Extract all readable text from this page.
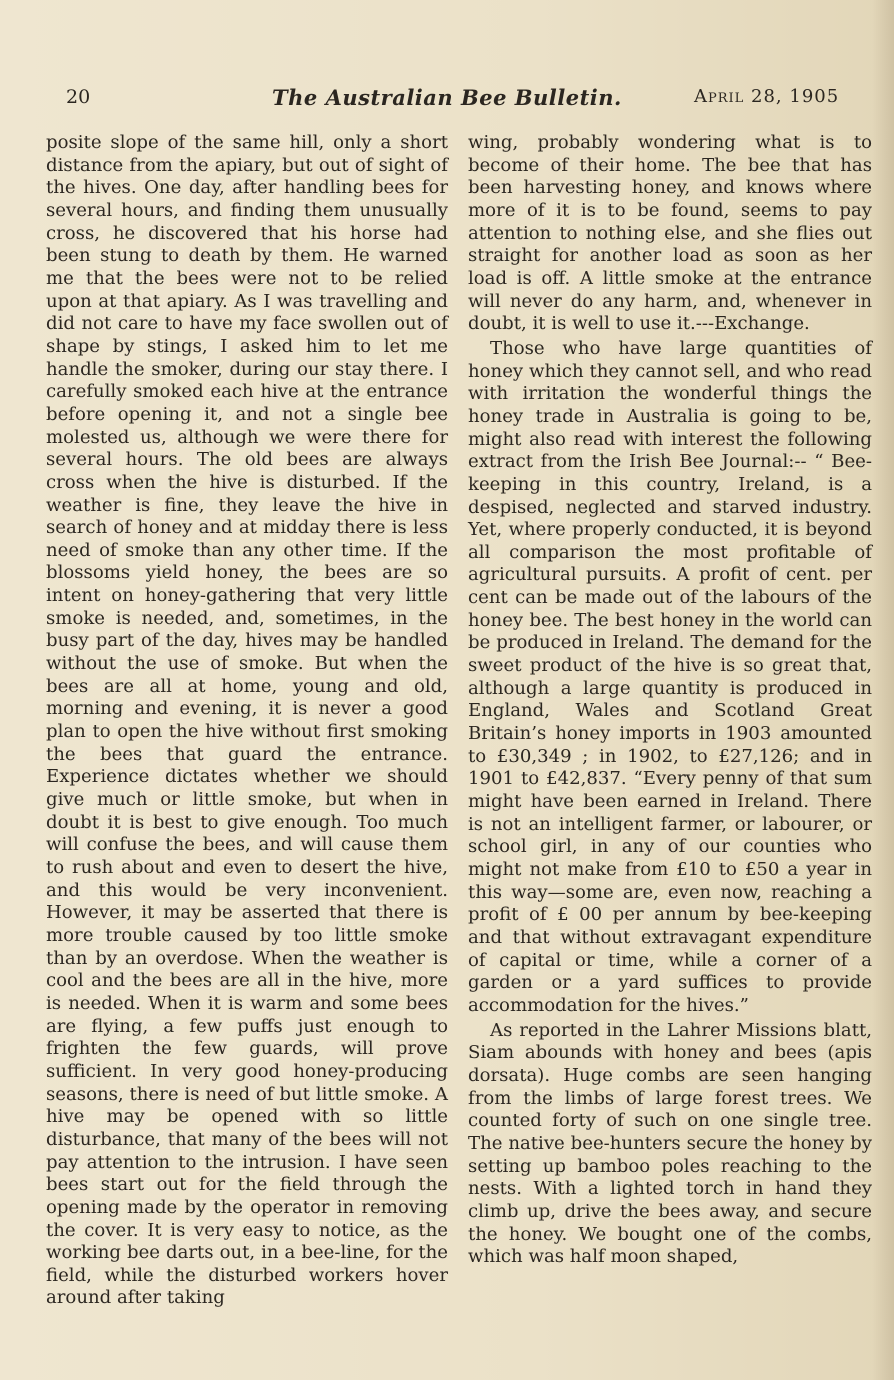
20	The Australian Bee Bulletin.	April 28, 1905

posite slope of the same hill, only a short distance from the apiary, but out of sight of the hives. One day, after handling bees for several hours, and finding them unusually cross, he discovered that his horse had been stung to death by them. He warned me that the bees were not to be relied upon at that apiary. As I was travelling and did not care to have my face swollen out of shape by stings, I asked him to let me handle the smoker, during our stay there. I carefully smoked each hive at the entrance before opening it, and not a single bee molested us, although we were there for several hours. The old bees are always cross when the hive is disturbed. If the weather is fine, they leave the hive in search of honey and at midday there is less need of smoke than any other time. If the blossoms yield honey, the bees are so intent on honey-gathering that very little smoke is needed, and, sometimes, in the busy part of the day, hives may be handled without the use of smoke. But when the bees are all at home, young and old, morning and evening, it is never a good plan to open the hive without first smoking the bees that guard the entrance. Experience dictates whether we should give much or little smoke, but when in doubt it is best to give enough. Too much will confuse the bees, and will cause them to rush about and even to desert the hive, and this would be very inconvenient. However, it may be asserted that there is more trouble caused by too little smoke than by an overdose. When the weather is cool and the bees are all in the hive, more is needed. When it is warm and some bees are flying, a few puffs just enough to frighten the few guards, will prove sufficient. In very good honey-producing seasons, there is need of but little smoke. A hive may be opened with so little disturbance, that many of the bees will not pay attention to the intrusion. I have seen bees start out for the field through the opening made by the operator in removing the cover. It is very easy to notice, as the working bee darts out, in a bee-line, for the field, while the disturbed workers hover around after taking

wing, probably wondering what is to become of their home. The bee that has been harvesting honey, and knows where more of it is to be found, seems to pay attention to nothing else, and she flies out straight for another load as soon as her load is off. A little smoke at the entrance will never do any harm, and, whenever in doubt, it is well to use it.---Exchange.

Those who have large quantities of honey which they cannot sell, and who read with irritation the wonderful things the honey trade in Australia is going to be, might also read with interest the following extract from the Irish Bee Journal:-- “ Bee-keeping in this country, Ireland, is a despised, neglected and starved industry. Yet, where properly conducted, it is beyond all comparison the most profitable of agricultural pursuits. A profit of cent. per cent can be made out of the labours of the honey bee. The best honey in the world can be produced in Ireland. The demand for the sweet product of the hive is so great that, although a large quantity is produced in England, Wales and Scotland Great Britain’s honey imports in 1903 amounted to £30,349 ; in 1902, to £27,126; and in 1901 to £42,837. “Every penny of that sum might have been earned in Ireland. There is not an intelligent farmer, or labourer, or school girl, in any of our counties who might not make from £10 to £50 a year in this way—some are, even now, reaching a profit of £ 00 per annum by bee-keeping and that without extravagant expenditure of capital or time, while a corner of a garden or a yard suffices to provide accommodation for the hives.”

As reported in the Lahrer Missions blatt, Siam abounds with honey and bees (apis dorsata). Huge combs are seen hanging from the limbs of large forest trees. We counted forty of such on one single tree. The native bee-hunters secure the honey by setting up bamboo poles reaching to the nests. With a lighted torch in hand they climb up, drive the bees away, and secure the honey. We bought one of the combs, which was half moon shaped,
